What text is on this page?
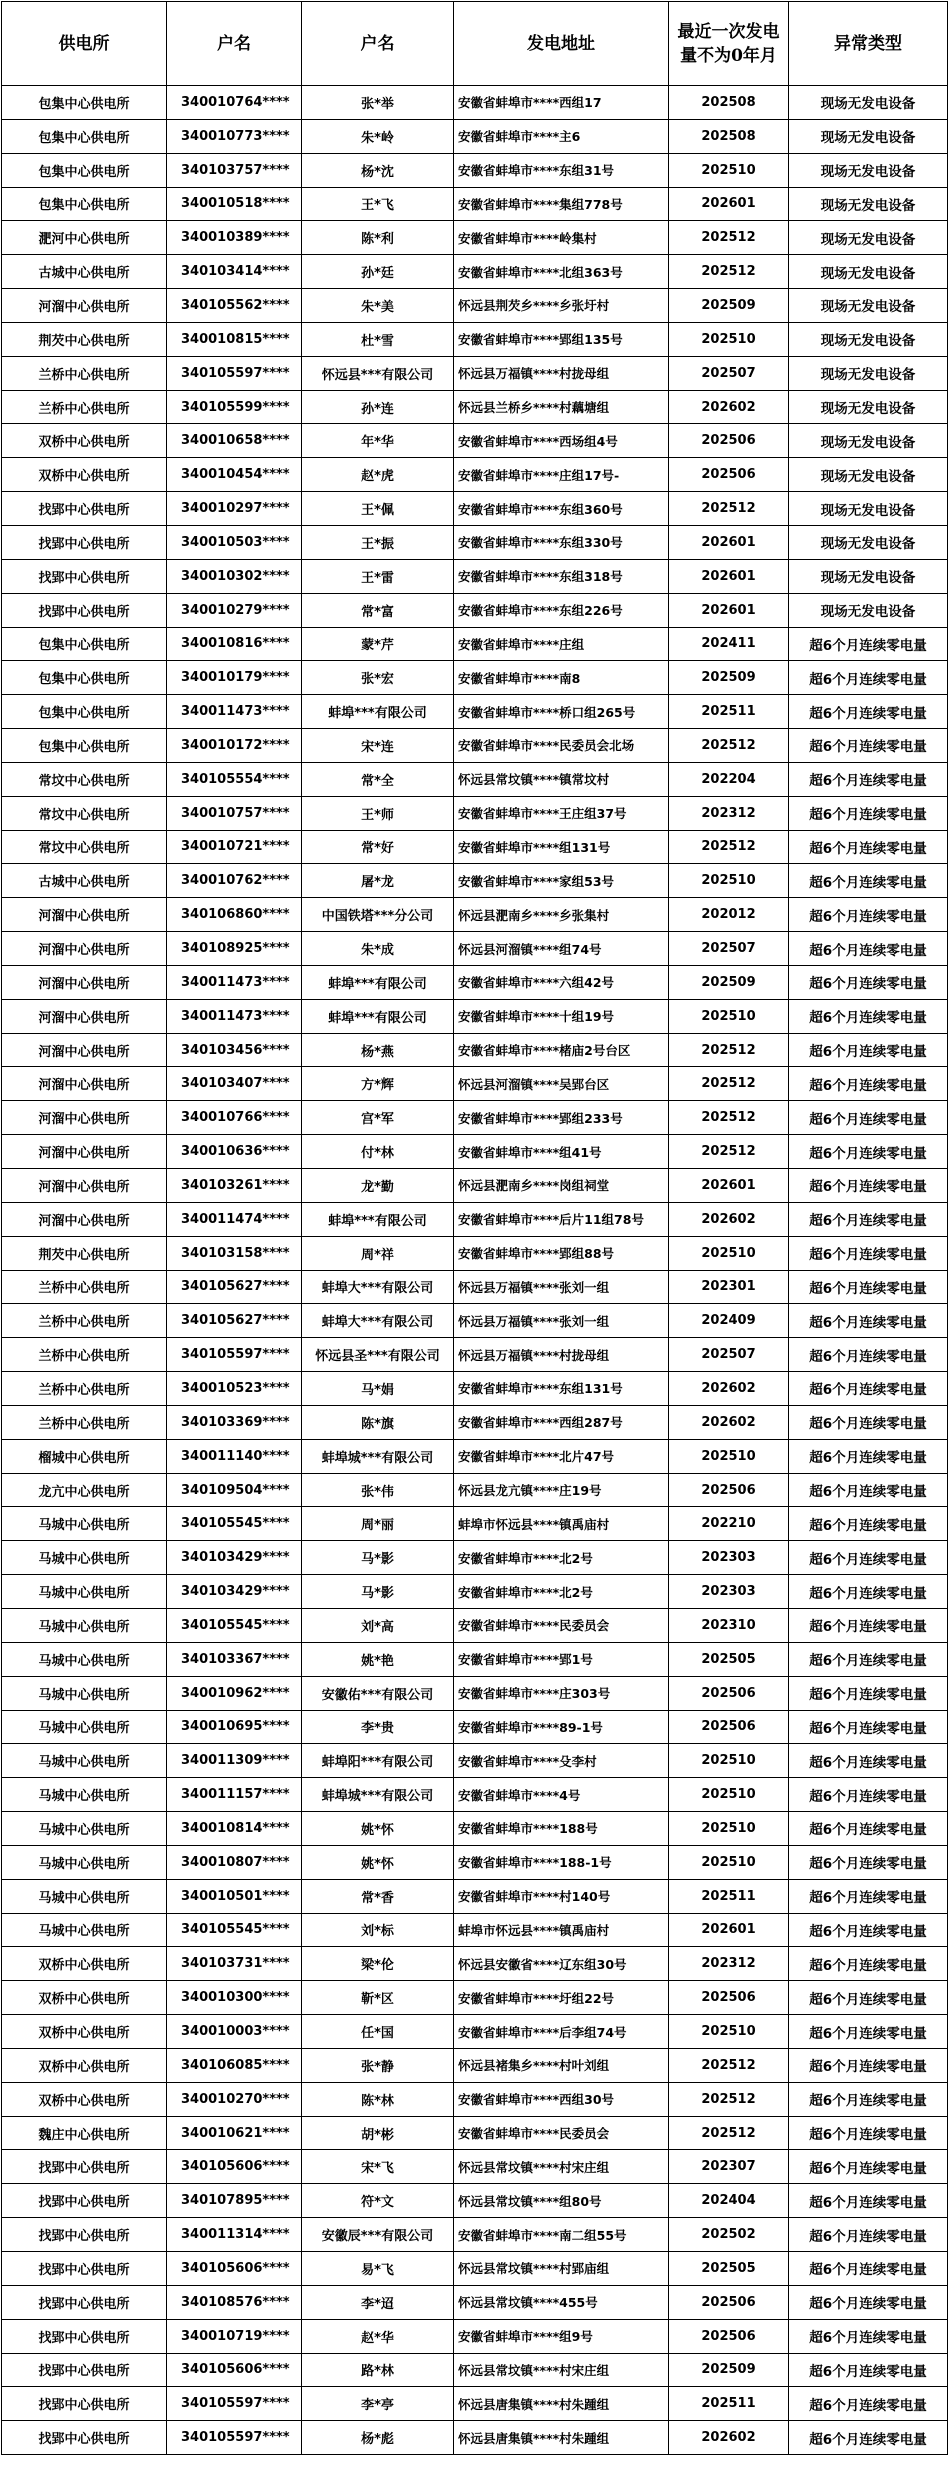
供电所	户名	户名	发电地址	最近一次发电量不为0年月	异常类型
包集中心供电所	340010764****	张*举	安徽省蚌埠市****西组17	202508	现场无发电设备
包集中心供电所	340010773****	朱*岭	安徽省蚌埠市****主6	202508	现场无发电设备
包集中心供电所	340103757****	杨*沈	安徽省蚌埠市****东组31号	202510	现场无发电设备
包集中心供电所	340010518****	王*飞	安徽省蚌埠市****集组778号	202601	现场无发电设备
淝河中心供电所	340010389****	陈*利	安徽省蚌埠市****岭集村	202512	现场无发电设备
古城中心供电所	340103414****	孙*廷	安徽省蚌埠市****北组363号	202512	现场无发电设备
河溜中心供电所	340105562****	朱*美	怀远县荆芡乡****乡张圩村	202509	现场无发电设备
荆芡中心供电所	340010815****	杜*雪	安徽省蚌埠市****郢组135号	202510	现场无发电设备
兰桥中心供电所	340105597****	怀远县***有限公司	怀远县万福镇****村拢母组	202507	现场无发电设备
兰桥中心供电所	340105599****	孙*连	怀远县兰桥乡****村藕塘组	202602	现场无发电设备
双桥中心供电所	340010658****	年*华	安徽省蚌埠市****西场组4号	202506	现场无发电设备
双桥中心供电所	340010454****	赵*虎	安徽省蚌埠市****庄组17号-	202506	现场无发电设备
找郢中心供电所	340010297****	王*佩	安徽省蚌埠市****东组360号	202512	现场无发电设备
找郢中心供电所	340010503****	王*振	安徽省蚌埠市****东组330号	202601	现场无发电设备
找郢中心供电所	340010302****	王*雷	安徽省蚌埠市****东组318号	202601	现场无发电设备
找郢中心供电所	340010279****	常*富	安徽省蚌埠市****东组226号	202601	现场无发电设备
包集中心供电所	340010816****	蒙*芹	安徽省蚌埠市****庄组	202411	超6个月连续零电量
包集中心供电所	340010179****	张*宏	安徽省蚌埠市****南8	202509	超6个月连续零电量
包集中心供电所	340011473****	蚌埠***有限公司	安徽省蚌埠市****桥口组265号	202511	超6个月连续零电量
包集中心供电所	340010172****	宋*连	安徽省蚌埠市****民委员会北场	202512	超6个月连续零电量
常坟中心供电所	340105554****	常*全	怀远县常坟镇****镇常坟村	202204	超6个月连续零电量
常坟中心供电所	340010757****	王*师	安徽省蚌埠市****王庄组37号	202312	超6个月连续零电量
常坟中心供电所	340010721****	常*好	安徽省蚌埠市****组131号	202512	超6个月连续零电量
古城中心供电所	340010762****	屠*龙	安徽省蚌埠市****家组53号	202510	超6个月连续零电量
河溜中心供电所	340106860****	中国铁塔***分公司	怀远县淝南乡****乡张集村	202012	超6个月连续零电量
河溜中心供电所	340108925****	朱*成	怀远县河溜镇****组74号	202507	超6个月连续零电量
河溜中心供电所	340011473****	蚌埠***有限公司	安徽省蚌埠市****六组42号	202509	超6个月连续零电量
河溜中心供电所	340011473****	蚌埠***有限公司	安徽省蚌埠市****十组19号	202510	超6个月连续零电量
河溜中心供电所	340103456****	杨*燕	安徽省蚌埠市****楮庙2号台区	202512	超6个月连续零电量
河溜中心供电所	340103407****	方*辉	怀远县河溜镇****吴郢台区	202512	超6个月连续零电量
河溜中心供电所	340010766****	宫*军	安徽省蚌埠市****郢组233号	202512	超6个月连续零电量
河溜中心供电所	340010636****	付*林	安徽省蚌埠市****组41号	202512	超6个月连续零电量
河溜中心供电所	340103261****	龙*勤	怀远县淝南乡****岗组祠堂	202601	超6个月连续零电量
河溜中心供电所	340011474****	蚌埠***有限公司	安徽省蚌埠市****后片11组78号	202602	超6个月连续零电量
荆芡中心供电所	340103158****	周*祥	安徽省蚌埠市****郢组88号	202510	超6个月连续零电量
兰桥中心供电所	340105627****	蚌埠大***有限公司	怀远县万福镇****张刘一组	202301	超6个月连续零电量
兰桥中心供电所	340105627****	蚌埠大***有限公司	怀远县万福镇****张刘一组	202409	超6个月连续零电量
兰桥中心供电所	340105597****	怀远县圣***有限公司	怀远县万福镇****村拢母组	202507	超6个月连续零电量
兰桥中心供电所	340010523****	马*娟	安徽省蚌埠市****东组131号	202602	超6个月连续零电量
兰桥中心供电所	340103369****	陈*旗	安徽省蚌埠市****西组287号	202602	超6个月连续零电量
榴城中心供电所	340011140****	蚌埠城***有限公司	安徽省蚌埠市****北片47号	202510	超6个月连续零电量
龙亢中心供电所	340109504****	张*伟	怀远县龙亢镇****庄19号	202506	超6个月连续零电量
马城中心供电所	340105545****	周*丽	蚌埠市怀远县****镇禹庙村	202210	超6个月连续零电量
马城中心供电所	340103429****	马*影	安徽省蚌埠市****北2号	202303	超6个月连续零电量
马城中心供电所	340103429****	马*影	安徽省蚌埠市****北2号	202303	超6个月连续零电量
马城中心供电所	340105545****	刘*高	安徽省蚌埠市****民委员会	202310	超6个月连续零电量
马城中心供电所	340103367****	姚*艳	安徽省蚌埠市****郢1号	202505	超6个月连续零电量
马城中心供电所	340010962****	安徽佑***有限公司	安徽省蚌埠市****庄303号	202506	超6个月连续零电量
马城中心供电所	340010695****	李*贵	安徽省蚌埠市****89-1号	202506	超6个月连续零电量
马城中心供电所	340011309****	蚌埠阳***有限公司	安徽省蚌埠市****殳李村	202510	超6个月连续零电量
马城中心供电所	340011157****	蚌埠城***有限公司	安徽省蚌埠市****4号	202510	超6个月连续零电量
马城中心供电所	340010814****	姚*怀	安徽省蚌埠市****188号	202510	超6个月连续零电量
马城中心供电所	340010807****	姚*怀	安徽省蚌埠市****188-1号	202510	超6个月连续零电量
马城中心供电所	340010501****	常*香	安徽省蚌埠市****村140号	202511	超6个月连续零电量
马城中心供电所	340105545****	刘*标	蚌埠市怀远县****镇禹庙村	202601	超6个月连续零电量
双桥中心供电所	340103731****	梁*伦	怀远县安徽省****辽东组30号	202312	超6个月连续零电量
双桥中心供电所	340010300****	靳*区	安徽省蚌埠市****圩组22号	202506	超6个月连续零电量
双桥中心供电所	340010003****	任*国	安徽省蚌埠市****后李组74号	202510	超6个月连续零电量
双桥中心供电所	340106085****	张*静	怀远县褚集乡****村叶刘组	202512	超6个月连续零电量
双桥中心供电所	340010270****	陈*林	安徽省蚌埠市****西组30号	202512	超6个月连续零电量
魏庄中心供电所	340010621****	胡*彬	安徽省蚌埠市****民委员会	202512	超6个月连续零电量
找郢中心供电所	340105606****	宋*飞	怀远县常坟镇****村宋庄组	202307	超6个月连续零电量
找郢中心供电所	340107895****	符*文	怀远县常坟镇****组80号	202404	超6个月连续零电量
找郢中心供电所	340011314****	安徽辰***有限公司	安徽省蚌埠市****南二组55号	202502	超6个月连续零电量
找郢中心供电所	340105606****	易*飞	怀远县常坟镇****村郢庙组	202505	超6个月连续零电量
找郢中心供电所	340108576****	李*迢	怀远县常坟镇****455号	202506	超6个月连续零电量
找郢中心供电所	340010719****	赵*华	安徽省蚌埠市****组9号	202506	超6个月连续零电量
找郢中心供电所	340105606****	路*林	怀远县常坟镇****村宋庄组	202509	超6个月连续零电量
找郢中心供电所	340105597****	李*亭	怀远县唐集镇****村朱踵组	202511	超6个月连续零电量
找郢中心供电所	340105597****	杨*彪	怀远县唐集镇****村朱踵组	202602	超6个月连续零电量
